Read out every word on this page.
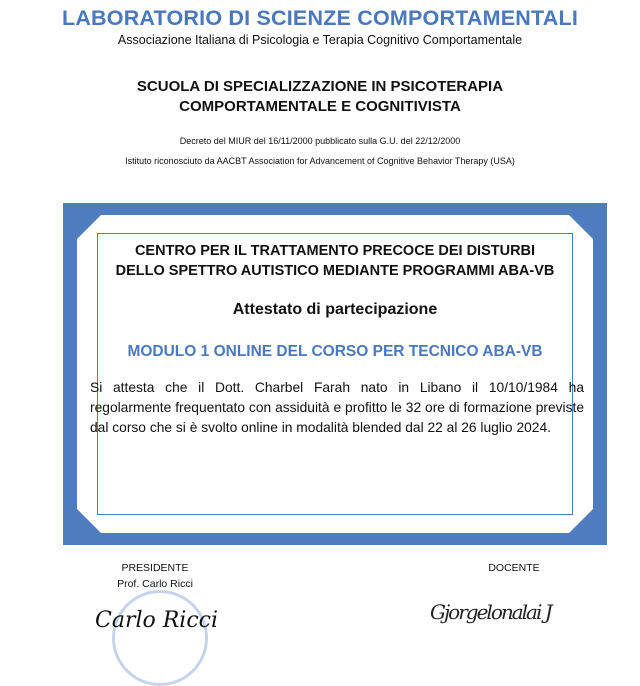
LABORATORIO DI SCIENZE COMPORTAMENTALI
Associazione Italiana di Psicologia e Terapia Cognitivo Comportamentale
SCUOLA DI SPECIALIZZAZIONE IN PSICOTERAPIA
COMPORTAMENTALE E COGNITIVISTA
Decreto del MIUR del 16/11/2000 pubblicato sulla G.U. del 22/12/2000
Istituto riconosciuto da AACBT Association for Advancement of Cognitive Behavior Therapy (USA)
CENTRO PER IL TRATTAMENTO PRECOCE DEI DISTURBI
DELLO SPETTRO AUTISTICO MEDIANTE PROGRAMMI ABA-VB
Attestato di partecipazione
MODULO 1 ONLINE DEL CORSO PER TECNICO ABA-VB
Si attesta che il Dott. Charbel Farah nato in Libano il 10/10/1984 ha regolarmente frequentato con assiduità e profitto le 32 ore di formazione previste dal corso che si è svolto online in modalità blended dal 22 al 26 luglio 2024.
PRESIDENTE
Prof. Carlo Ricci
Carlo Ricci
DOCENTE
Gjorgelonalai J
